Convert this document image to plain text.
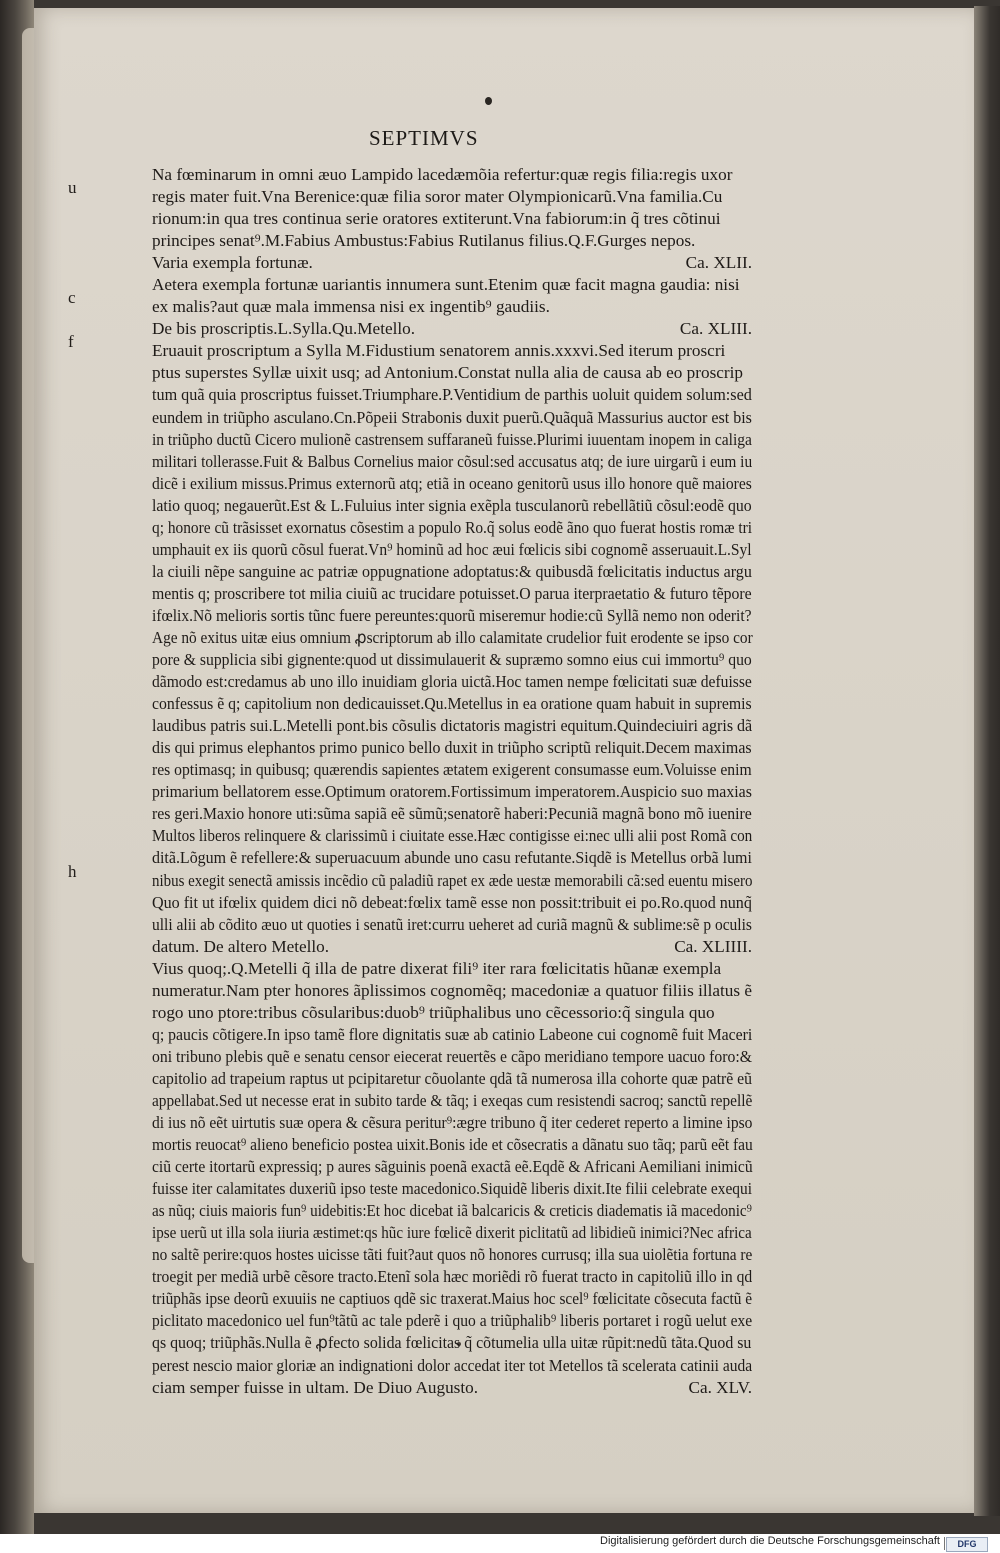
SEPTIMVS
u
c
f
h
Na fœminarum in omni æuo Lampido lacedæmõia refertur:quæ regis filia:regis uxor
regis mater fuit.Vna Berenice:quæ filia soror mater Olympionicarũ.Vna familia.Cu
rionum:in qua tres continua serie oratores extiterunt.Vna fabiorum:in q̃ tres cõtinui
principes senat⁹.M.Fabius Ambustus:Fabius Rutilanus filius.Q.F.Gurges nepos.
Varia exempla fortunæ.	Ca. XLII.
Aetera exempla fortunæ uariantis innumera sunt.Etenim quæ facit magna gaudia: nisi
ex malis?aut quæ mala immensa nisi ex ingentib⁹ gaudiis.
De bis proscriptis.L.Sylla.Qu.Metello.	Ca. XLIII.
Eruauit proscriptum a Sylla M.Fidustium senatorem annis.xxxvi.Sed iterum proscri
ptus superstes Syllæ uixit usq; ad Antonium.Constat nulla alia de causa ab eo proscrip
tum quã quia proscriptus fuisset.Triumphare.P.Ventidium de parthis uoluit quidem solum:sed
eundem in triũpho asculano.Cn.Põpeii Strabonis duxit puerũ.Quãquã Massurius auctor est bis
in triũpho ductũ Cicero mulionẽ castrensem suffaraneũ fuisse.Plurimi iuuentam inopem in caliga
militari tollerasse.Fuit & Balbus Cornelius maior cõsul:sed accusatus atq; de iure uirgarũ i eum iu
dicẽ i exilium missus.Primus externorũ atq; etiã in oceano genitorũ usus illo honore quẽ maiores
latio quoq; negauerũt.Est & L.Fuluius inter signia exẽpla tusculanorũ rebellãtiũ cõsul:eodẽ quo
q; honore cũ trãsisset exornatus cõsestim a populo Ro.q̃ solus eodẽ ãno quo fuerat hostis romæ tri
umphauit ex iis quorũ cõsul fuerat.Vn⁹ hominũ ad hoc æui fœlicis sibi cognomẽ asseruauit.L.Syl
la ciuili nẽpe sanguine ac patriæ oppugnatione adoptatus:& quibusdã fœlicitatis inductus argu
mentis q; proscribere tot milia ciuiũ ac trucidare potuisset.O parua iterpraetatio & futuro tẽpore
ifœlix.Nõ melioris sortis tũnc fuere pereuntes:quorũ miseremur hodie:cũ Syllã nemo non oderit?
Age nõ exitus uitæ eius omnium ꝓscriptorum ab illo calamitate crudelior fuit erodente se ipso cor
pore & supplicia sibi gignente:quod ut dissimulauerit & supræmo somno eius cui immortu⁹ quo
dãmodo est:credamus ab uno illo inuidiam gloria uictã.Hoc tamen nempe fœlicitati suæ defuisse
confessus ẽ q; capitolium non dedicauisset.Qu.Metellus in ea oratione quam habuit in supremis
laudibus patris sui.L.Metelli pont.bis cõsulis dictatoris magistri equitum.Quindeciuiri agris dã
dis qui primus elephantos primo punico bello duxit in triũpho scriptũ reliquit.Decem maximas
res optimasq; in quibusq; quærendis sapientes ætatem exigerent consumasse eum.Voluisse enim
primarium bellatorem esse.Optimum oratorem.Fortissimum imperatorem.Auspicio suo maxias
res geri.Maxio honore uti:sũma sapiã eẽ sũmũ;senatorẽ haberi:Pecuniã magnã bono mõ iuenire
Multos liberos relinquere & clarissimũ i ciuitate esse.Hæc contigisse ei:nec ulli alii post Romã con
ditã.Lõgum ẽ refellere:& superuacuum abunde uno casu refutante.Siqdẽ is Metellus orbã lumi
nibus exegit senectã amissis incẽdio cũ paladiũ rapet ex æde uestæ memorabili cã:sed euentu misero
Quo fit ut ifœlix quidem dici nõ debeat:fœlix tamẽ esse non possit:tribuit ei po.Ro.quod nunq̃
ulli alii ab cõdito æuo ut quoties i senatũ iret:curru ueheret ad curiã magnũ & sublime:sẽ p oculis
datum. De altero Metello.	Ca. XLIIII.
Vius quoq;.Q.Metelli q̃ illa de patre dixerat fili⁹ iter rara fœlicitatis hũanæ exempla
numeratur.Nam pter honores ãplissimos cognomẽq; macedoniæ a quatuor filiis illatus ẽ
rogo uno ptore:tribus cõsularibus:duob⁹ triũphalibus uno cẽcessorio:q̃ singula quo
q; paucis cõtigere.In ipso tamẽ flore dignitatis suæ ab catinio Labeone cui cognomẽ fuit Maceri
oni tribuno plebis quẽ e senatu censor eiecerat reuertẽs e cãpo meridiano tempore uacuo foro:&
capitolio ad trapeium raptus ut pcipitaretur cõuolante qdã tã numerosa illa cohorte quæ patrẽ eũ
appellabat.Sed ut necesse erat in subito tarde & tãq; i exeqas cum resistendi sacroq; sanctũ repellẽ
di ius nõ eẽt uirtutis suæ opera & cẽsura peritur⁹:ægre tribuno q̃ iter cederet reperto a limine ipso
mortis reuocat⁹ alieno beneficio postea uixit.Bonis ide et cõsecratis a dãnatu suo tãq; parũ eẽt fau
ciũ certe itortarũ expressiq; p aures sãguinis poenã exactã eẽ.Eqdẽ & Africani Aemiliani inimicũ
fuisse iter calamitates duxeriũ ipso teste macedonico.Siquidẽ liberis dixit.Ite filii celebrate exequi
as nũq; ciuis maioris fun⁹ uidebitis:Et hoc dicebat iã balcaricis & creticis diadematis iã macedonic⁹
ipse uerũ ut illa sola iiuria æstimet:qs hũc iure fœlicẽ dixerit piclitatũ ad libidieũ inimici?Nec africa
no saltẽ perire:quos hostes uicisse tãti fuit?aut quos nõ honores currusq; illa sua uiolẽtia fortuna re
troegit per mediã urbẽ cẽsore tracto.Etenĩ sola hæc moriẽdi rõ fuerat tracto in capitoliũ illo in qd
triũphãs ipse deorũ exuuiis ne captiuos qdẽ sic traxerat.Maius hoc scel⁹ fœlicitate cõsecuta factũ ẽ
piclitato macedonico uel fun⁹tãtũ ac tale pderẽ i quo a triũphalib⁹ liberis portaret i rogũ uelut exe
qs quoq; triũphãs.Nulla ẽ ꝓfecto solida fœlicitas q̃ cõtumelia ulla uitæ rũpit:nedũ tãta.Quod su
perest nescio maior gloriæ an indignationi dolor accedat iter tot Metellos tã scelerata catinii auda
ciam semper fuisse in ultam. De Diuo Augusto.	Ca. XLV.
Digitalisierung gefördert durch die Deutsche Forschungsgemeinschaft	DFG
